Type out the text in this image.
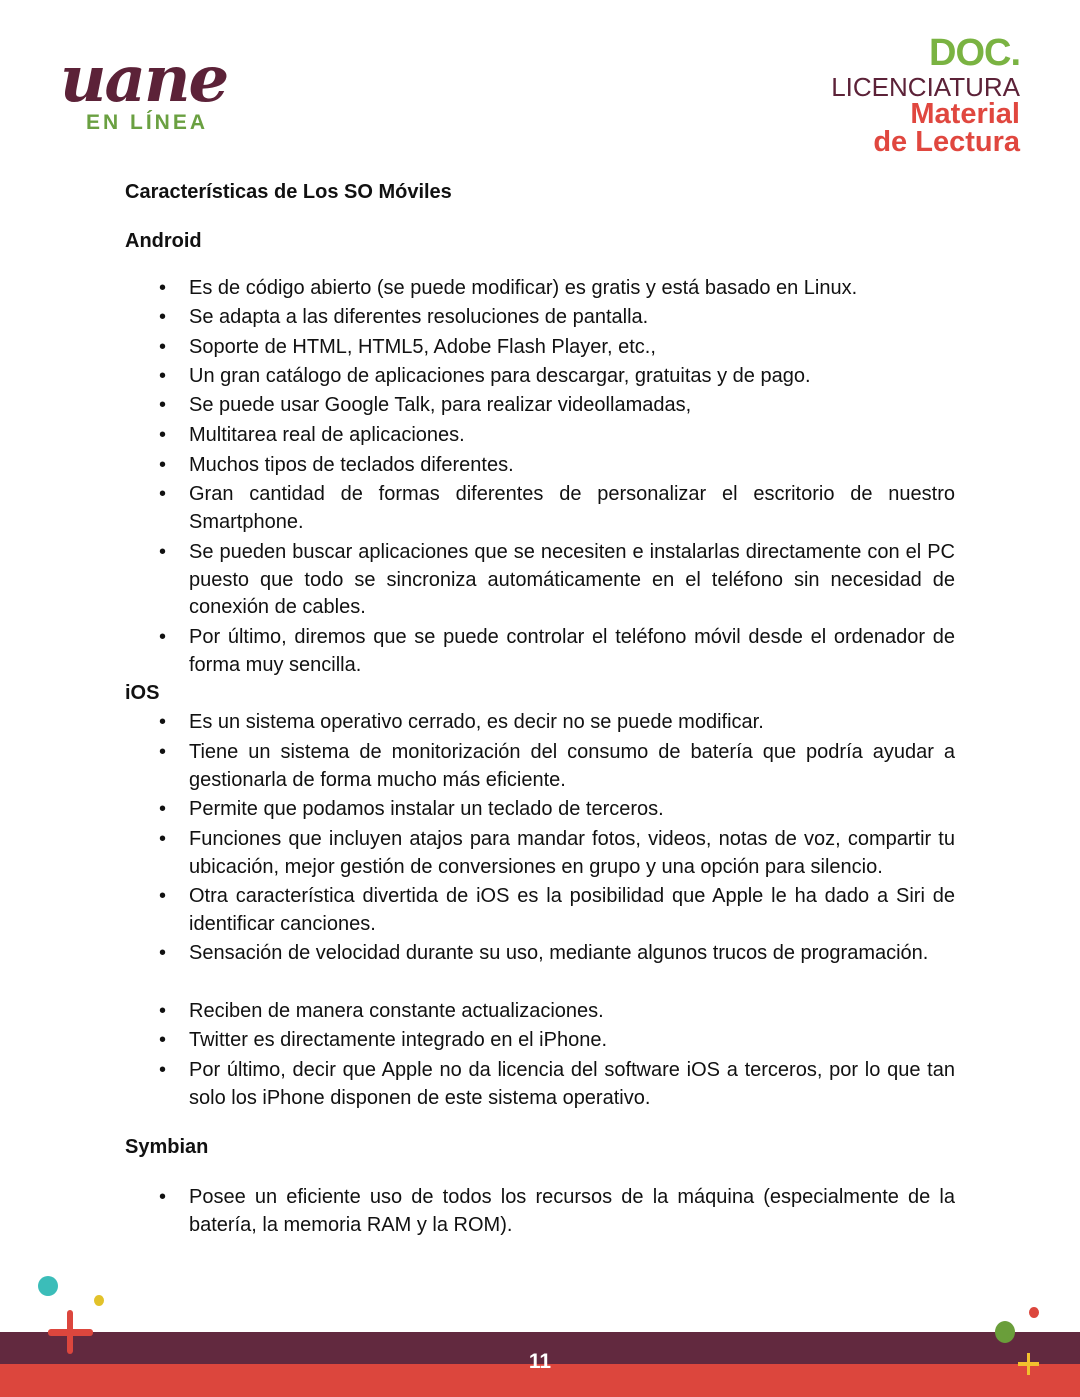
uane
EN LÍNEA
DOC.
LICENCIATURA
Material
de Lectura
Características de Los SO Móviles
Android
• Es de código abierto (se puede modificar) es gratis y está basado en Linux.
• Se adapta a las diferentes resoluciones de pantalla.
• Soporte de HTML, HTML5, Adobe Flash Player, etc.,
• Un gran catálogo de aplicaciones para descargar, gratuitas y de pago.
• Se puede usar Google Talk, para realizar videollamadas,
• Multitarea real de aplicaciones.
• Muchos tipos de teclados diferentes.
• Gran cantidad de formas diferentes de personalizar el escritorio de nuestro Smartphone.
• Se pueden buscar aplicaciones que se necesiten e instalarlas directamente con el PC puesto que todo se sincroniza automáticamente en el teléfono sin necesidad de conexión de cables.
• Por último, diremos que se puede controlar el teléfono móvil desde el ordenador de forma muy sencilla.
iOS
• Es un sistema operativo cerrado, es decir no se puede modificar.
• Tiene un sistema de monitorización del consumo de batería que podría ayudar a gestionarla de forma mucho más eficiente.
• Permite que podamos instalar un teclado de terceros.
• Funciones que incluyen atajos para mandar fotos, videos, notas de voz, compartir tu ubicación, mejor gestión de conversiones en grupo y una opción para silencio.
• Otra característica divertida de iOS es la posibilidad que Apple le ha dado a Siri de identificar canciones.
• Sensación de velocidad durante su uso, mediante algunos trucos de programación.
• Reciben de manera constante actualizaciones.
• Twitter es directamente integrado en el iPhone.
• Por último, decir que Apple no da licencia del software iOS a terceros, por lo que tan solo los iPhone disponen de este sistema operativo.
Symbian
• Posee un eficiente uso de todos los recursos de la máquina (especialmente de la batería, la memoria RAM y la ROM).
11
